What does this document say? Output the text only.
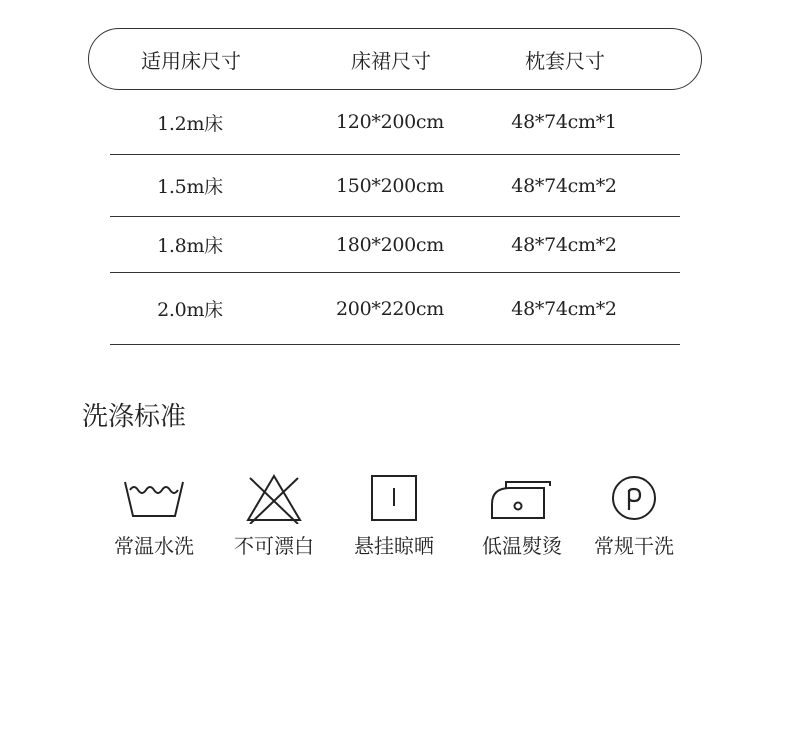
适用床尺寸	床裙尺寸	枕套尺寸
1.2m床	120*200cm	48*74cm*1
1.5m床	150*200cm	48*74cm*2
1.8m床	180*200cm	48*74cm*2
2.0m床	200*220cm	48*74cm*2
洗涤标准
常温水洗	不可漂白	悬挂晾晒	低温熨烫	常规干洗
